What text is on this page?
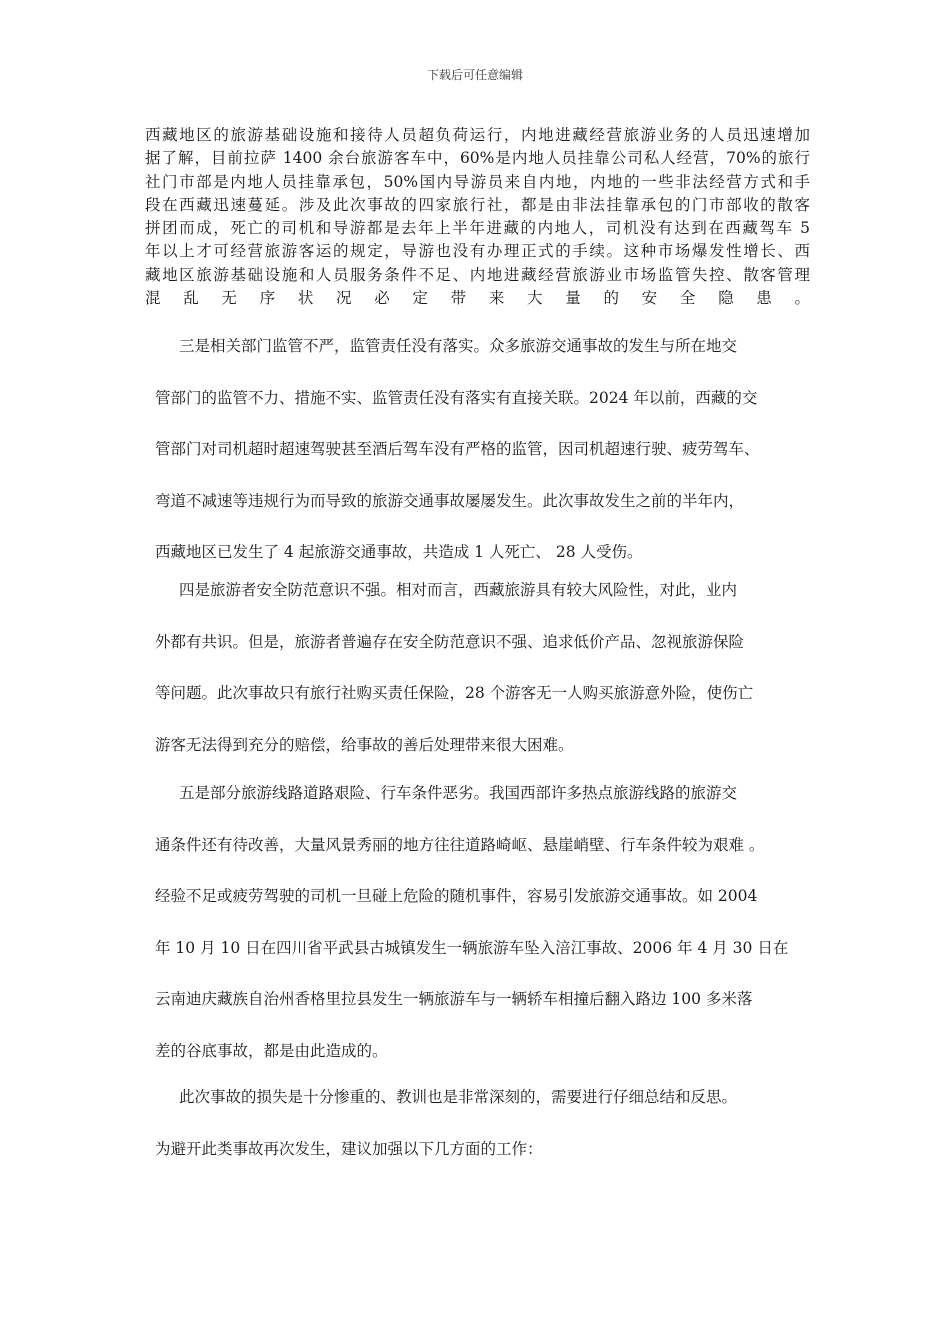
下载后可任意编辑
西藏地区的旅游基础设施和接待人员超负荷运行，内地进藏经营旅游业务的人员迅速增加
据了解，目前拉萨 1400 余台旅游客车中，60%是内地人员挂靠公司私人经营，70%的旅行
社门市部是内地人员挂靠承包，50%国内导游员来自内地，内地的一些非法经营方式和手
段在西藏迅速蔓延。涉及此次事故的四家旅行社，都是由非法挂靠承包的门市部收的散客
拼团而成，死亡的司机和导游都是去年上半年进藏的内地人，司机没有达到在西藏驾车 5
年以上才可经营旅游客运的规定，导游也没有办理正式的手续。这种市场爆发性增长、西
藏地区旅游基础设施和人员服务条件不足、内地进藏经营旅游业市场监管失控、散客管理
混乱无序状况必定带来大量的安全隐患。
三是相关部门监管不严，监管责任没有落实。众多旅游交通事故的发生与所在地交
管部门的监管不力、措施不实、监管责任没有落实有直接关联。2024 年以前，西藏的交
管部门对司机超时超速驾驶甚至酒后驾车没有严格的监管，因司机超速行驶、疲劳驾车、
弯道不减速等违规行为而导致的旅游交通事故屡屡发生。此次事故发生之前的半年内，
西藏地区已发生了 4 起旅游交通事故，共造成 1 人死亡、 28 人受伤。
四是旅游者安全防范意识不强。相对而言，西藏旅游具有较大风险性，对此，业内
外都有共识。但是，旅游者普遍存在安全防范意识不强、追求低价产品、忽视旅游保险
等问题。此次事故只有旅行社购买责任保险，28 个游客无一人购买旅游意外险，使伤亡
游客无法得到充分的赔偿，给事故的善后处理带来很大困难。
五是部分旅游线路道路艰险、行车条件恶劣。我国西部许多热点旅游线路的旅游交
通条件还有待改善，大量风景秀丽的地方往往道路崎岖、悬崖峭壁、行车条件较为艰难 。
经验不足或疲劳驾驶的司机一旦碰上危险的随机事件，容易引发旅游交通事故。如 2004
年 10 月 10 日在四川省平武县古城镇发生一辆旅游车坠入涪江事故、2006 年 4 月 30 日在
云南迪庆藏族自治州香格里拉县发生一辆旅游车与一辆轿车相撞后翻入路边 100 多米落
差的谷底事故，都是由此造成的。
此次事故的损失是十分惨重的、教训也是非常深刻的，需要进行仔细总结和反思。
为避开此类事故再次发生，建议加强以下几方面的工作：
